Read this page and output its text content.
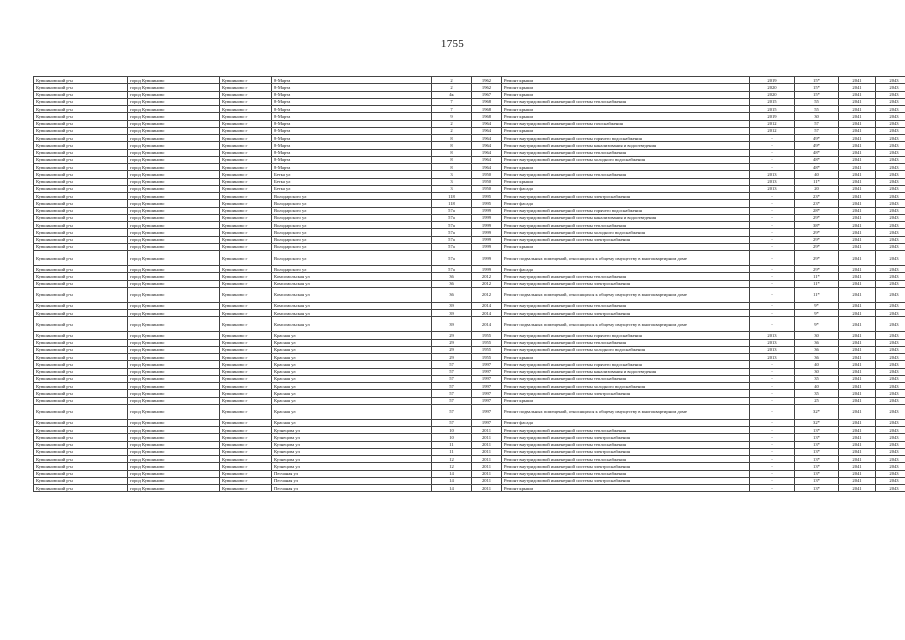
1755
Кувшиновский р-н	город Кувшиново	Кувшиново г	8-Марта	2	1962	Ремонт крыши	2019	15*	2041	2043
Кувшиновский р-н	город Кувшиново	Кувшиново г	8-Марта	2	1962	Ремонт крыши	2020	15*	2041	2043
Кувшиновский р-н	город Кувшиново	Кувшиново г	8-Марта	4к	1967	Ремонт крыши	2020	15*	2041	2043
Кувшиновский р-н	город Кувшиново	Кувшиново г	8-Марта	7	1968	Ремонт внутридомовой инженерной системы теплоснабжения	2015	55	2041	2043
Кувшиновский р-н	город Кувшиново	Кувшиново г	8-Марта	7	1968	Ремонт крыши	2015	55	2041	2043
Кувшиновский р-н	город Кувшиново	Кувшиново г	8-Марта	9	1968	Ремонт крыши	2019	30	2041	2043
Кувшиновский р-н	город Кувшиново	Кувшиново г	8-Марта	2	1964	Ремонт внутридомовой инженерной системы газоснабжения	2012	57	2041	2043
Кувшиновский р-н	город Кувшиново	Кувшиново г	8-Марта	2	1964	Ремонт крыши	2012	57	2041	2043
Кувшиновский р-н	город Кувшиново	Кувшиново г	8-Марта	8	1964	Ремонт внутридомовой инженерной системы горячего водоснабжения	-	49*	2041	2043
Кувшиновский р-н	город Кувшиново	Кувшиново г	8-Марта	8	1964	Ремонт внутридомовой инженерной системы канализования и водоотведения	-	49*	2041	2043
Кувшиновский р-н	город Кувшиново	Кувшиново г	8-Марта	8	1964	Ремонт внутридомовой инженерной системы теплоснабжения	-	48*	2041	2043
Кувшиновский р-н	город Кувшиново	Кувшиново г	8-Марта	8	1964	Ремонт внутридомовой инженерной системы холодного водоснабжения	-	48*	2041	2043
Кувшиновский р-н	город Кувшиново	Кувшиново г	8-Марта	8	1964	Ремонт крыши	-	48*	2041	2043
Кувшиновский р-н	город Кувшиново	Кувшиново г	Бетка ул	3	1950	Ремонт внутридомовой инженерной системы теплоснабжения	2013	40	2041	2043
Кувшиновский р-н	город Кувшиново	Кувшиново г	Бетка ул	3	1950	Ремонт крыши	2013	11*	2041	2043
Кувшиновский р-н	город Кувшиново	Кувшиново г	Бетка ул	3	1950	Ремонт фасада	2013	20	2041	2043
Кувшиновский р-н	город Кувшиново	Кувшиново г	Володарского ул	118	1995	Ремонт внутридомовой инженерной системы электроснабжения	-	23*	2041	2043
Кувшиновский р-н	город Кувшиново	Кувшиново г	Володарского ул	118	1995	Ремонт фасада	-	23*	2041	2043
Кувшиновский р-н	город Кувшиново	Кувшиново г	Володарского ул	57а	1999	Ремонт внутридомовой инженерной системы горячего водоснабжения	-	28*	2041	2043
Кувшиновский р-н	город Кувшиново	Кувшиново г	Володарского ул	57а	1999	Ремонт внутридомовой инженерной системы канализования и водоотведения	-	29*	2041	2043
Кувшиновский р-н	город Кувшиново	Кувшиново г	Володарского ул	57а	1999	Ремонт внутридомовой инженерной системы теплоснабжения	-	38*	2041	2043
Кувшиновский р-н	город Кувшиново	Кувшиново г	Володарского ул	57а	1999	Ремонт внутридомовой инженерной системы холодного водоснабжения	-	29*	2041	2043
Кувшиновский р-н	город Кувшиново	Кувшиново г	Володарского ул	57а	1999	Ремонт внутридомовой инженерной системы электроснабжения	-	29*	2041	2043
Кувшиновский р-н	город Кувшиново	Кувшиново г	Володарского ул	57а	1999	Ремонт крыши	-	29*	2041	2043
Кувшиновский р-н	город Кувшиново	Кувшиново г	Володарского ул	57а	1999	Ремонт подвальных помещений, относящихся к общему имуществу в многоквартирном доме	-	29*	2041	2043
Кувшиновский р-н	город Кувшиново	Кувшиново г	Володарского ул	57а	1999	Ремонт фасада	-	29*	2041	2043
Кувшиновский р-н	город Кувшиново	Кувшиново г	Комсомольская ул	36	2012	Ремонт внутридомовой инженерной системы теплоснабжения	-	11*	2041	2043
Кувшиновский р-н	город Кувшиново	Кувшиново г	Комсомольская ул	36	2012	Ремонт внутридомовой инженерной системы электроснабжения	-	11*	2041	2043
Кувшиновский р-н	город Кувшиново	Кувшиново г	Комсомольская ул	36	2012	Ремонт подвальных помещений, относящихся к общему имуществу в многоквартирном доме	-	11*	2041	2043
Кувшиновский р-н	город Кувшиново	Кувшиново г	Комсомольская ул	39	2014	Ремонт внутридомовой инженерной системы теплоснабжения	-	9*	2041	2043
Кувшиновский р-н	город Кувшиново	Кувшиново г	Комсомольская ул	39	2014	Ремонт внутридомовой инженерной системы электроснабжения	-	9*	2041	2043
Кувшиновский р-н	город Кувшиново	Кувшиново г	Комсомольская ул	39	2014	Ремонт подвальных помещений, относящихся к общему имуществу в многоквартирном доме	-	9*	2041	2043
Кувшиновский р-н	город Кувшиново	Кувшиново г	Красная ул	29	1955	Ремонт внутридомовой инженерной системы горячего водоснабжения	2013	30	2041	2043
Кувшиновский р-н	город Кувшиново	Кувшиново г	Красная ул	29	1955	Ремонт внутридомовой инженерной системы теплоснабжения	2013	36	2041	2043
Кувшиновский р-н	город Кувшиново	Кувшиново г	Красная ул	29	1955	Ремонт внутридомовой инженерной системы холодного водоснабжения	2013	36	2041	2043
Кувшиновский р-н	город Кувшиново	Кувшиново г	Красная ул	29	1955	Ремонт крыши	2013	36	2041	2043
Кувшиновский р-н	город Кувшиново	Кувшиново г	Красная ул	57	1997	Ремонт внутридомовой инженерной системы горячего водоснабжения	-	40	2041	2043
Кувшиновский р-н	город Кувшиново	Кувшиново г	Красная ул	57	1997	Ремонт внутридомовой инженерной системы канализования и водоотведения	-	30	2041	2043
Кувшиновский р-н	город Кувшиново	Кувшиново г	Красная ул	57	1997	Ремонт внутридомовой инженерной системы теплоснабжения	-	35	2041	2043
Кувшиновский р-н	город Кувшиново	Кувшиново г	Красная ул	57	1997	Ремонт внутридомовой инженерной системы холодного водоснабжения	-	40	2041	2043
Кувшиновский р-н	город Кувшиново	Кувшиново г	Красная ул	57	1997	Ремонт внутридомовой инженерной системы электроснабжения	-	35	2041	2043
Кувшиновский р-н	город Кувшиново	Кувшиново г	Красная ул	57	1997	Ремонт крыши	-	25	2041	2043
Кувшиновский р-н	город Кувшиново	Кувшиново г	Красная ул	57	1997	Ремонт подвальных помещений, относящихся к общему имуществу в многоквартирном доме	-	32*	2041	2043
Кувшиновский р-н	город Кувшиново	Кувшиново г	Красная ул	57	1997	Ремонт фасада	-	32*	2041	2043
Кувшиновский р-н	город Кувшиново	Кувшиново г	Кузнецова ул	10	2011	Ремонт внутридомовой инженерной системы теплоснабжения	-	13*	2041	2043
Кувшиновский р-н	город Кувшиново	Кувшиново г	Кузнецова ул	10	2011	Ремонт внутридомовой инженерной системы электроснабжения	-	13*	2041	2043
Кувшиновский р-н	город Кувшиново	Кувшиново г	Кузнецова ул	11	2011	Ремонт внутридомовой инженерной системы теплоснабжения	-	13*	2041	2043
Кувшиновский р-н	город Кувшиново	Кувшиново г	Кузнецова ул	11	2011	Ремонт внутридомовой инженерной системы электроснабжения	-	13*	2041	2043
Кувшиновский р-н	город Кувшиново	Кувшиново г	Кузнецова ул	12	2011	Ремонт внутридомовой инженерной системы теплоснабжения	-	13*	2041	2043
Кувшиновский р-н	город Кувшиново	Кувшиново г	Кузнецова ул	12	2011	Ремонт внутридомовой инженерной системы электроснабжения	-	13*	2041	2043
Кувшиновский р-н	город Кувшиново	Кувшиново г	Песчаная ул	14	2011	Ремонт внутридомовой инженерной системы теплоснабжения	-	13*	2041	2043
Кувшиновский р-н	город Кувшиново	Кувшиново г	Песчаная ул	14	2011	Ремонт внутридомовой инженерной системы электроснабжения	-	13*	2041	2043
Кувшиновский р-н	город Кувшиново	Кувшиново г	Песчаная ул	14	2011	Ремонт крыши	-	13*	2041	2043
